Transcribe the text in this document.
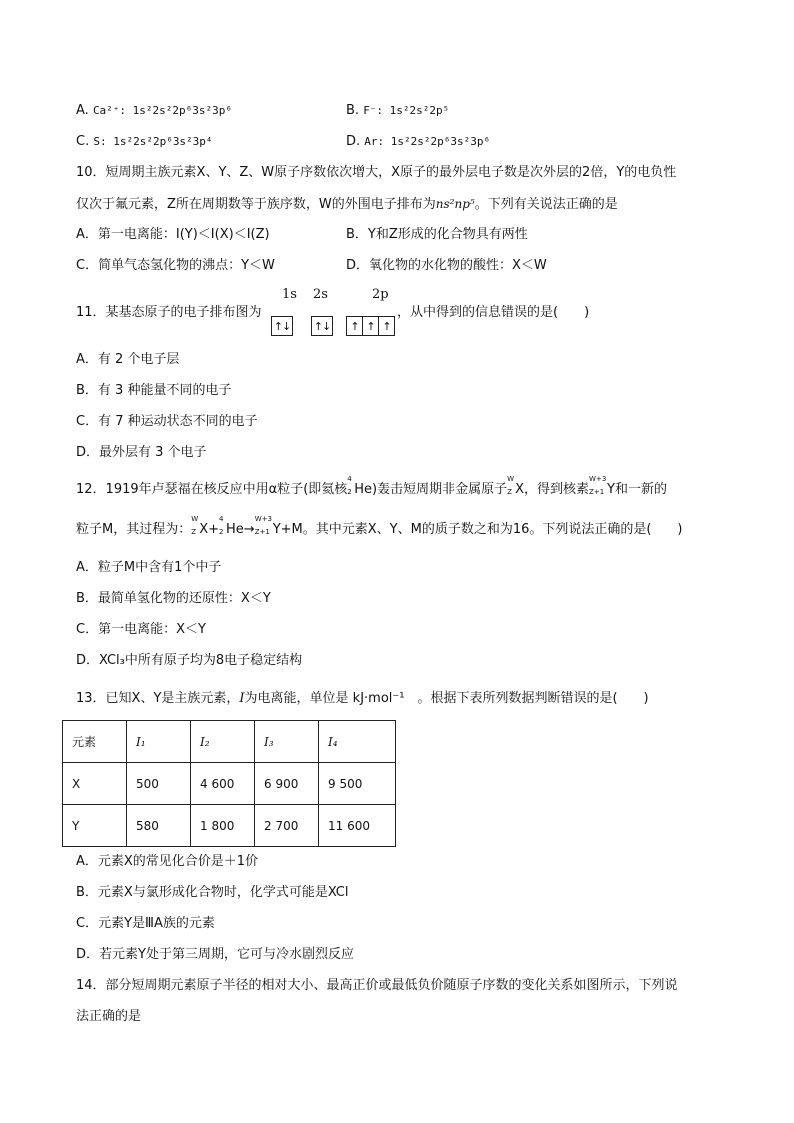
A. Ca²⁺: 1s²2s²2p⁶3s²3p⁶	B. F⁻: 1s²2s²2p⁵
C. S: 1s²2s²2p⁶3s²3p⁴	D. Ar: 1s²2s²2p⁶3s²3p⁶
10．短周期主族元素X、Y、Z、W原子序数依次增大，X原子的最外层电子数是次外层的2倍，Y的电负性
仅次于氟元素，Z所在周期数等于族序数，W的外围电子排布为ns²np⁵。下列有关说法正确的是
A．第一电离能：I(Y)＜I(X)＜I(Z)	B．Y和Z形成的化合物具有两性
C．简单气态氢化物的沸点：Y＜W	D．氧化物的水化物的酸性：X＜W
11．某基态原子的电子排布图为
1s 2s	2p
↑↓ ↑↓	↑ ↑ ↑
，从中得到的信息错误的是(　　)
A．有 2 个电子层
B．有 3 种能量不同的电子
C．有 7 种运动状态不同的电子
D．最外层有 3 个电子
12．1919年卢瑟福在核反应中用α粒子(即氦核
4
2 He)轰击短周期非金属原子
W
Z X，得到核素
W+3
Z+1 Y和一新的
粒子M，其过程为：
W
Z X+
4
2 He→
W+3
Z+1 Y+M。其中元素X、Y、M的质子数之和为16。下列说法正确的是(　　)
A．粒子M中含有1个中子
B．最简单氢化物的还原性：X＜Y
C．第一电离能：X＜Y
D．XCl₃中所有原子均为8电子稳定结构
13．已知X、Y是主族元素，I为电离能，单位是 kJ·mol⁻¹　。根据下表所列数据判断错误的是(　　)
元素	I₁	I₂	I₃	I₄
X	500	4 600	6 900	9 500
Y	580	1 800	2 700	11 600
A．元素X的常见化合价是＋1价
B．元素X与氯形成化合物时，化学式可能是XCl
C．元素Y是ⅢA族的元素
D．若元素Y处于第三周期，它可与冷水剧烈反应
14．部分短周期元素原子半径的相对大小、最高正价或最低负价随原子序数的变化关系如图所示，下列说
法正确的是
